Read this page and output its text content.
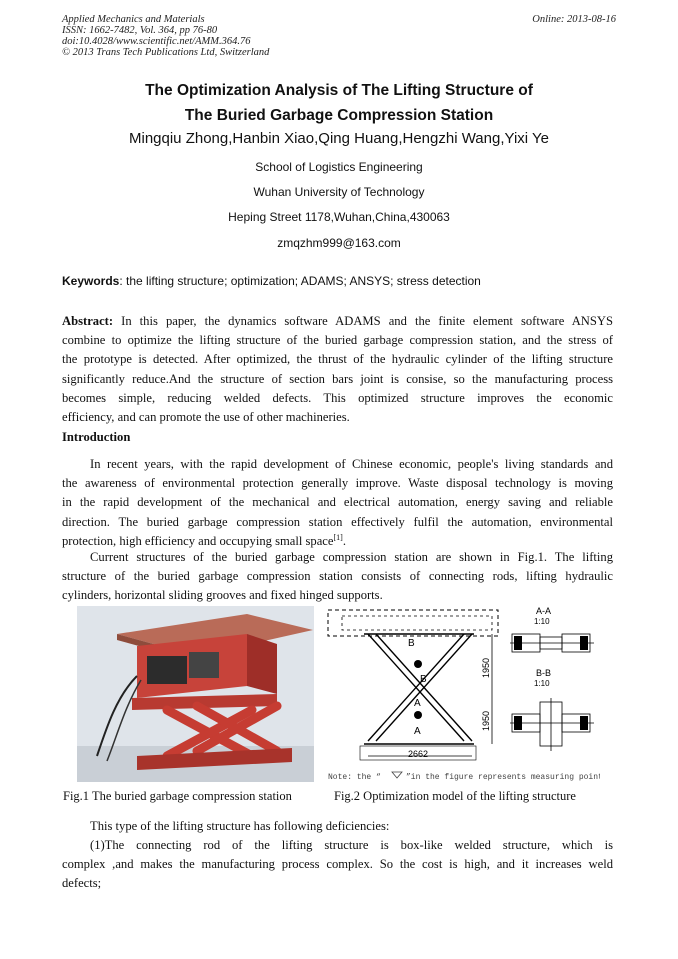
Applied Mechanics and Materials
ISSN: 1662-7482, Vol. 364, pp 76-80
doi:10.4028/www.scientific.net/AMM.364.76
© 2013 Trans Tech Publications Ltd, Switzerland
Online: 2013-08-16
The Optimization Analysis of The Lifting Structure of
The Buried Garbage Compression Station
Mingqiu Zhong,Hanbin Xiao,Qing Huang,Hengzhi Wang,Yixi Ye
School of Logistics Engineering
Wuhan University of Technology
Heping Street 1178,Wuhan,China,430063
zmqzhm999@163.com
Keywords: the lifting structure; optimization; ADAMS; ANSYS; stress detection
Abstract: In this paper, the dynamics software ADAMS and the finite element software ANSYS
combine to optimize the lifting structure of the buried garbage compression station, and the stress of
the prototype is detected. After optimized, the thrust of the hydraulic cylinder of the lifting structure
significantly reduce.And the structure of section bars joint is consise, so the manufacturing process
becomes simple, reducing welded defects. This optimized structure improves the economic
efficiency, and can promote the use of other machineries.
Introduction
In recent years, with the rapid development of Chinese economic, people's living standards and
the awareness of environmental protection generally improve. Waste disposal technology is moving
in the rapid development of the mechanical and electrical automation, energy saving and reliable
direction. The buried garbage compression station effectively fulfil the automation, environmental
protection, high efficiency and occupying small space[1].
Current structures of the buried garbage compression station are shown in Fig.1. The lifting
structure of the buried garbage compression station consists of connecting rods, lifting hydraulic
cylinders, horizontal sliding grooves and fixed hinged supports.
B
B
A
A
1950
1950
2662
A-A
1:10
B-B
1:10
Note: the “	”in the figure represents measuring point
Fig.1 The buried garbage compression station	Fig.2 Optimization model of the lifting structure
This type of the lifting structure has following deficiencies:
(1)The connecting rod of the lifting structure is box-like welded structure, which is
complex ,and makes the manufacturing process complex. So the cost is high, and it increases weld
defects;
